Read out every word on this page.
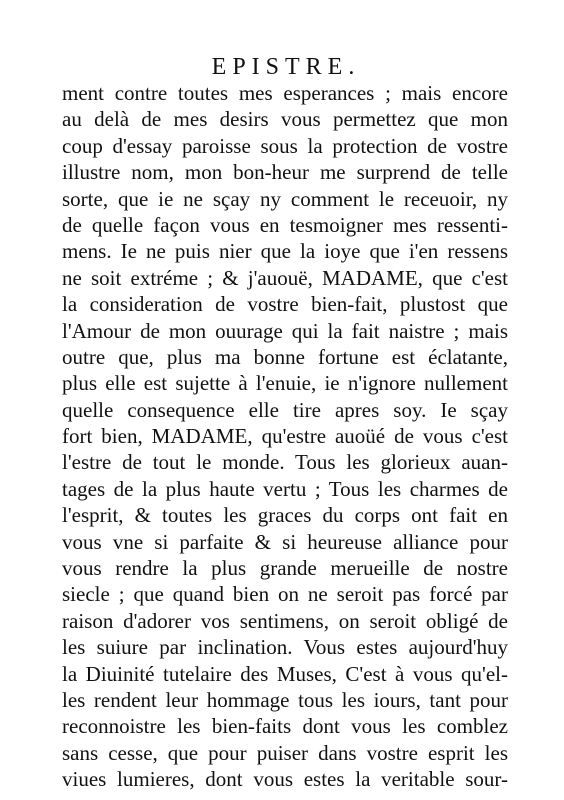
EPISTRE.
ment contre toutes mes esperances ; mais encore
au delà de mes desirs vous permettez que mon
coup d'essay paroisse sous la protection de vostre
illustre nom, mon bon-heur me surprend de telle
sorte, que ie ne sçay ny comment le receuoir, ny
de quelle façon vous en tesmoigner mes ressenti-
mens. Ie ne puis nier que la ioye que i'en ressens
ne soit extréme ; & j'auouë, MADAME, que c'est
la consideration de vostre bien-fait, plustost que
l'Amour de mon ouurage qui la fait naistre ; mais
outre que, plus ma bonne fortune est éclatante,
plus elle est sujette à l'enuie, ie n'ignore nullement
quelle consequence elle tire apres soy. Ie sçay
fort bien, MADAME, qu'estre auoüé de vous c'est
l'estre de tout le monde. Tous les glorieux auan-
tages de la plus haute vertu ; Tous les charmes de
l'esprit, & toutes les graces du corps ont fait en
vous vne si parfaite & si heureuse alliance pour
vous rendre la plus grande merueille de nostre
siecle ; que quand bien on ne seroit pas forcé par
raison d'adorer vos sentimens, on seroit obligé de
les suiure par inclination. Vous estes aujourd'huy
la Diuinité tutelaire des Muses, C'est à vous qu'el-
les rendent leur hommage tous les iours, tant pour
reconnoistre les bien-faits dont vous les comblez
sans cesse, que pour puiser dans vostre esprit les
viues lumieres, dont vous estes la veritable sour-
